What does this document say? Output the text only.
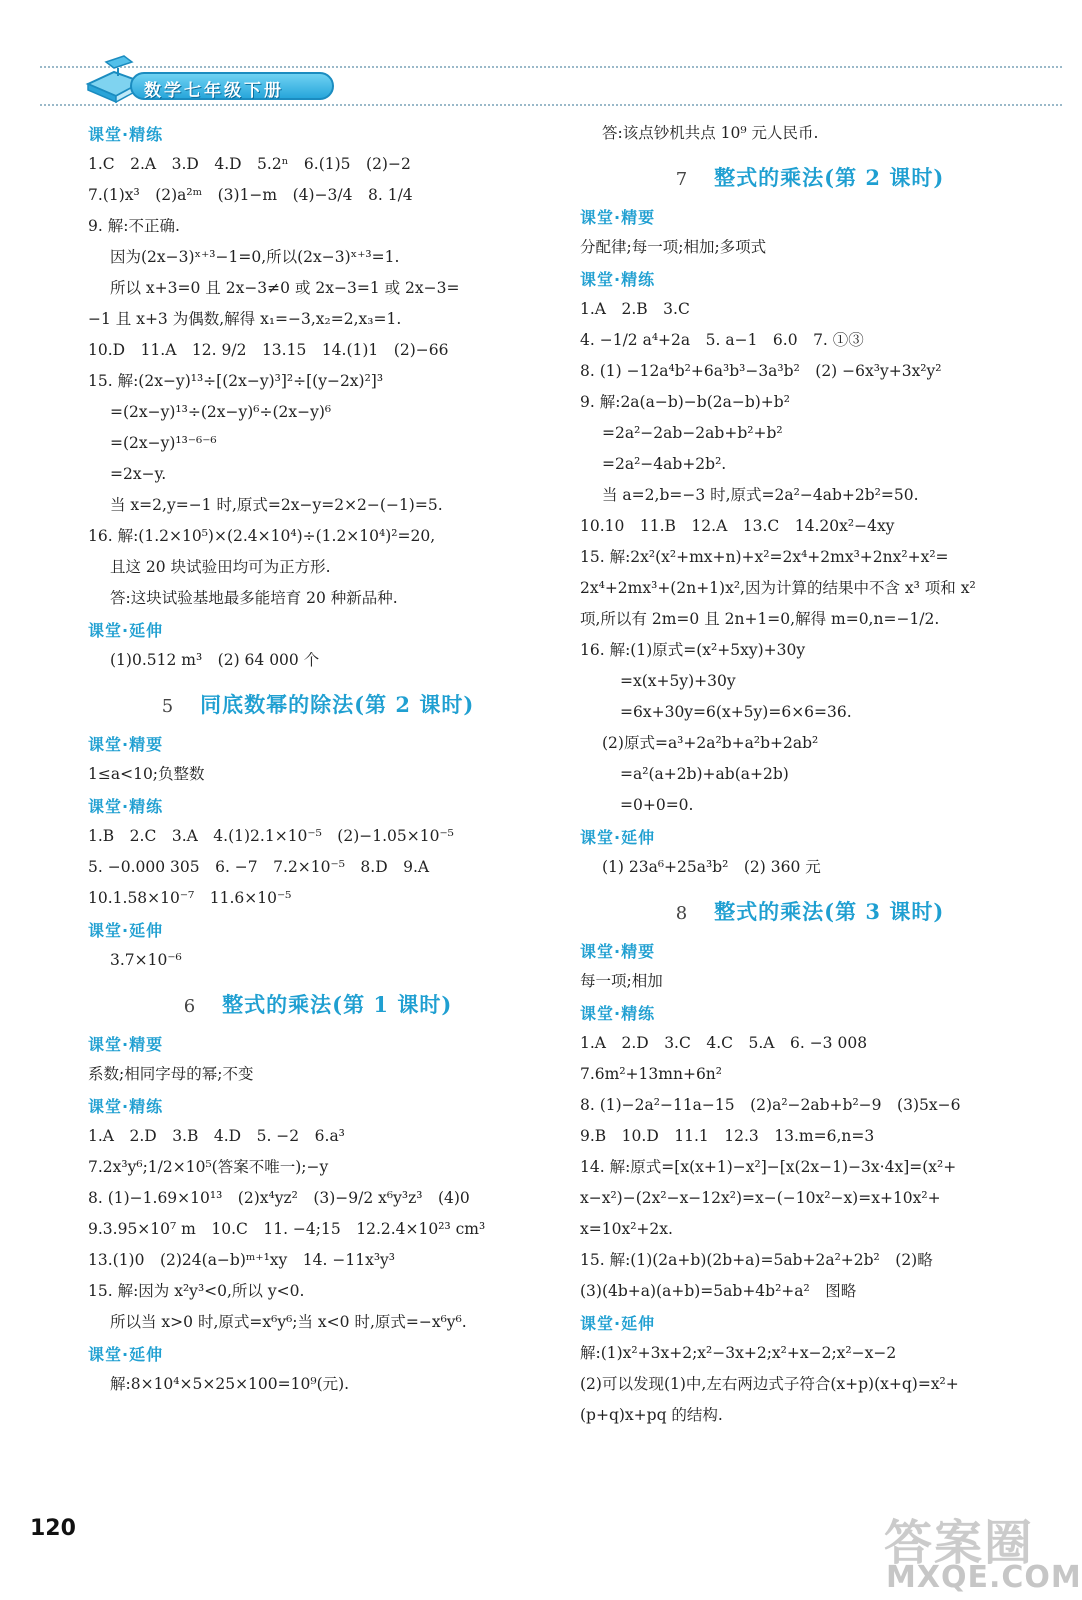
数学七年级下册
课堂·精练
1.C　2.A　3.D　4.D　5.2ⁿ　6.(1)5　(2)−2
7.(1)x³　(2)a²ᵐ　(3)1−m　(4)−3/4　8. 1/4
9. 解:不正确.
因为(2x−3)ˣ⁺³−1=0,所以(2x−3)ˣ⁺³=1.
所以 x+3=0 且 2x−3≠0 或 2x−3=1 或 2x−3=
−1 且 x+3 为偶数,解得 x₁=−3,x₂=2,x₃=1.
10.D　11.A　12. 9/2　13.15　14.(1)1　(2)−66
15. 解:(2x−y)¹³÷[(2x−y)³]²÷[(y−2x)²]³
=(2x−y)¹³÷(2x−y)⁶÷(2x−y)⁶
=(2x−y)¹³⁻⁶⁻⁶
=2x−y.
当 x=2,y=−1 时,原式=2x−y=2×2−(−1)=5.
16. 解:(1.2×10⁵)×(2.4×10⁴)÷(1.2×10⁴)²=20,
且这 20 块试验田均可为正方形.
答:这块试验基地最多能培育 20 种新品种.
课堂·延伸
(1)0.512 m³　(2) 64 000 个
5 同底数幂的除法(第 2 课时)
课堂·精要
1≤a<10;负整数
课堂·精练
1.B　2.C　3.A　4.(1)2.1×10⁻⁵　(2)−1.05×10⁻⁵
5. −0.000 305　6. −7　7.2×10⁻⁵　8.D　9.A
10.1.58×10⁻⁷　11.6×10⁻⁵
课堂·延伸
3.7×10⁻⁶
6 整式的乘法(第 1 课时)
课堂·精要
系数;相同字母的幂;不变
课堂·精练
1.A　2.D　3.B　4.D　5. −2　6.a³
7.2x³y⁶;1/2×10⁵(答案不唯一);−y
8. (1)−1.69×10¹³　(2)x⁴yz²　(3)−9/2 x⁶y³z³　(4)0
9.3.95×10⁷ m　10.C　11. −4;15　12.2.4×10²³ cm³
13.(1)0　(2)24(a−b)ᵐ⁺¹xy　14. −11x³y³
15. 解:因为 x²y³<0,所以 y<0.
所以当 x>0 时,原式=x⁶y⁶;当 x<0 时,原式=−x⁶y⁶.
课堂·延伸
解:8×10⁴×5×25×100=10⁹(元).
答:该点钞机共点 10⁹ 元人民币.
7 整式的乘法(第 2 课时)
课堂·精要
分配律;每一项;相加;多项式
课堂·精练
1.A　2.B　3.C
4. −1/2 a⁴+2a　5. a−1　6.0　7. ①③
8. (1) −12a⁴b²+6a³b³−3a³b²　(2) −6x³y+3x²y²
9. 解:2a(a−b)−b(2a−b)+b²
=2a²−2ab−2ab+b²+b²
=2a²−4ab+2b².
当 a=2,b=−3 时,原式=2a²−4ab+2b²=50.
10.10　11.B　12.A　13.C　14.20x²−4xy
15. 解:2x²(x²+mx+n)+x²=2x⁴+2mx³+2nx²+x²=
2x⁴+2mx³+(2n+1)x²,因为计算的结果中不含 x³ 项和 x²
项,所以有 2m=0 且 2n+1=0,解得 m=0,n=−1/2.
16. 解:(1)原式=(x²+5xy)+30y
=x(x+5y)+30y
=6x+30y=6(x+5y)=6×6=36.
(2)原式=a³+2a²b+a²b+2ab²
=a²(a+2b)+ab(a+2b)
=0+0=0.
课堂·延伸
(1) 23a⁶+25a³b²　(2) 360 元
8 整式的乘法(第 3 课时)
课堂·精要
每一项;相加
课堂·精练
1.A　2.D　3.C　4.C　5.A　6. −3 008
7.6m²+13mn+6n²
8. (1)−2a²−11a−15　(2)a²−2ab+b²−9　(3)5x−6
9.B　10.D　11.1　12.3　13.m=6,n=3
14. 解:原式=[x(x+1)−x²]−[x(2x−1)−3x·4x]=(x²+
x−x²)−(2x²−x−12x²)=x−(−10x²−x)=x+10x²+
x=10x²+2x.
15. 解:(1)(2a+b)(2b+a)=5ab+2a²+2b²　(2)略
(3)(4b+a)(a+b)=5ab+4b²+a²　图略
课堂·延伸
解:(1)x²+3x+2;x²−3x+2;x²+x−2;x²−x−2
(2)可以发现(1)中,左右两边式子符合(x+p)(x+q)=x²+
(p+q)x+pq 的结构.
120	答案圈
MXQE.COM
